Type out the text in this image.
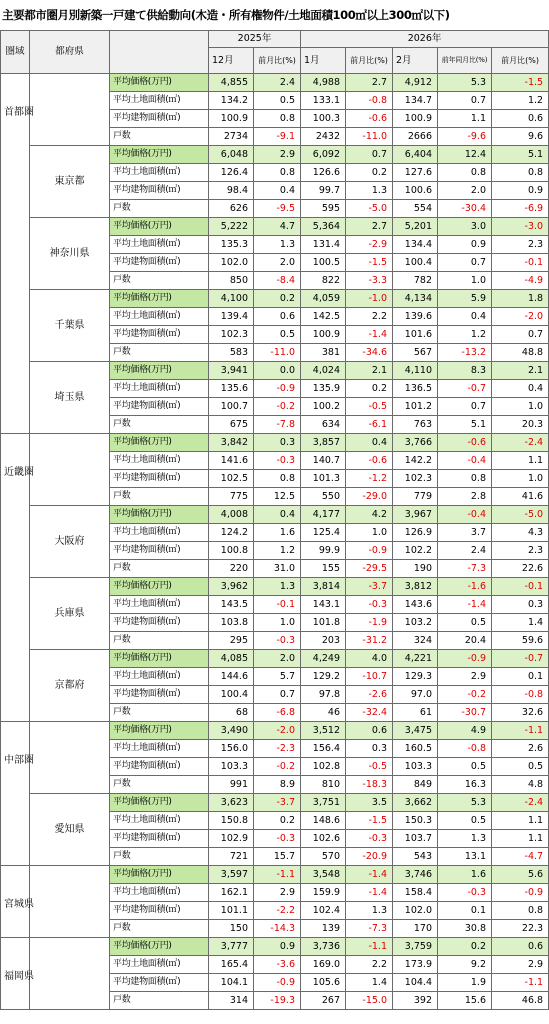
主要都市圏月別新築一戸建て供給動向(木造・所有権物件/土地面積100㎡以上300㎡以下)
圏域	都府県		2025年		2026年				
			12月	前月比(%)	1月	前月比(%)	2月	前年同月比(%)	前月比(%)
首都圏		平均価格(万円)	4,855	2.4	4,988	2.7	4,912	5.3	-1.5
		平均土地面積(㎡)	134.2	0.5	133.1	-0.8	134.7	0.7	1.2
		平均建物面積(㎡)	100.9	0.8	100.3	-0.6	100.9	1.1	0.6
		戸数	2734	-9.1	2432	-11.0	2666	-9.6	9.6
	東京都	平均価格(万円)	6,048	2.9	6,092	0.7	6,404	12.4	5.1
		平均土地面積(㎡)	126.4	0.8	126.6	0.2	127.6	0.8	0.8
		平均建物面積(㎡)	98.4	0.4	99.7	1.3	100.6	2.0	0.9
		戸数	626	-9.5	595	-5.0	554	-30.4	-6.9
	神奈川県	平均価格(万円)	5,222	4.7	5,364	2.7	5,201	3.0	-3.0
		平均土地面積(㎡)	135.3	1.3	131.4	-2.9	134.4	0.9	2.3
		平均建物面積(㎡)	102.0	2.0	100.5	-1.5	100.4	0.7	-0.1
		戸数	850	-8.4	822	-3.3	782	1.0	-4.9
	千葉県	平均価格(万円)	4,100	0.2	4,059	-1.0	4,134	5.9	1.8
		平均土地面積(㎡)	139.4	0.6	142.5	2.2	139.6	0.4	-2.0
		平均建物面積(㎡)	102.3	0.5	100.9	-1.4	101.6	1.2	0.7
		戸数	583	-11.0	381	-34.6	567	-13.2	48.8
	埼玉県	平均価格(万円)	3,941	0.0	4,024	2.1	4,110	8.3	2.1
		平均土地面積(㎡)	135.6	-0.9	135.9	0.2	136.5	-0.7	0.4
		平均建物面積(㎡)	100.7	-0.2	100.2	-0.5	101.2	0.7	1.0
		戸数	675	-7.8	634	-6.1	763	5.1	20.3
近畿圏		平均価格(万円)	3,842	0.3	3,857	0.4	3,766	-0.6	-2.4
		平均土地面積(㎡)	141.6	-0.3	140.7	-0.6	142.2	-0.4	1.1
		平均建物面積(㎡)	102.5	0.8	101.3	-1.2	102.3	0.8	1.0
		戸数	775	12.5	550	-29.0	779	2.8	41.6
	大阪府	平均価格(万円)	4,008	0.4	4,177	4.2	3,967	-0.4	-5.0
		平均土地面積(㎡)	124.2	1.6	125.4	1.0	126.9	3.7	4.3
		平均建物面積(㎡)	100.8	1.2	99.9	-0.9	102.2	2.4	2.3
		戸数	220	31.0	155	-29.5	190	-7.3	22.6
	兵庫県	平均価格(万円)	3,962	1.3	3,814	-3.7	3,812	-1.6	-0.1
		平均土地面積(㎡)	143.5	-0.1	143.1	-0.3	143.6	-1.4	0.3
		平均建物面積(㎡)	103.8	1.0	101.8	-1.9	103.2	0.5	1.4
		戸数	295	-0.3	203	-31.2	324	20.4	59.6
	京都府	平均価格(万円)	4,085	2.0	4,249	4.0	4,221	-0.9	-0.7
		平均土地面積(㎡)	144.6	5.7	129.2	-10.7	129.3	2.9	0.1
		平均建物面積(㎡)	100.4	0.7	97.8	-2.6	97.0	-0.2	-0.8
		戸数	68	-6.8	46	-32.4	61	-30.7	32.6
中部圏		平均価格(万円)	3,490	-2.0	3,512	0.6	3,475	4.9	-1.1
		平均土地面積(㎡)	156.0	-2.3	156.4	0.3	160.5	-0.8	2.6
		平均建物面積(㎡)	103.3	-0.2	102.8	-0.5	103.3	0.5	0.5
		戸数	991	8.9	810	-18.3	849	16.3	4.8
	愛知県	平均価格(万円)	3,623	-3.7	3,751	3.5	3,662	5.3	-2.4
		平均土地面積(㎡)	150.8	0.2	148.6	-1.5	150.3	0.5	1.1
		平均建物面積(㎡)	102.9	-0.3	102.6	-0.3	103.7	1.3	1.1
		戸数	721	15.7	570	-20.9	543	13.1	-4.7
宮城県		平均価格(万円)	3,597	-1.1	3,548	-1.4	3,746	1.6	5.6
		平均土地面積(㎡)	162.1	2.9	159.9	-1.4	158.4	-0.3	-0.9
		平均建物面積(㎡)	101.1	-2.2	102.4	1.3	102.0	0.1	0.8
		戸数	150	-14.3	139	-7.3	170	30.8	22.3
福岡県		平均価格(万円)	3,777	0.9	3,736	-1.1	3,759	0.2	0.6
		平均土地面積(㎡)	165.4	-3.6	169.0	2.2	173.9	9.2	2.9
		平均建物面積(㎡)	104.1	-0.9	105.6	1.4	104.4	1.9	-1.1
		戸数	314	-19.3	267	-15.0	392	15.6	46.8
